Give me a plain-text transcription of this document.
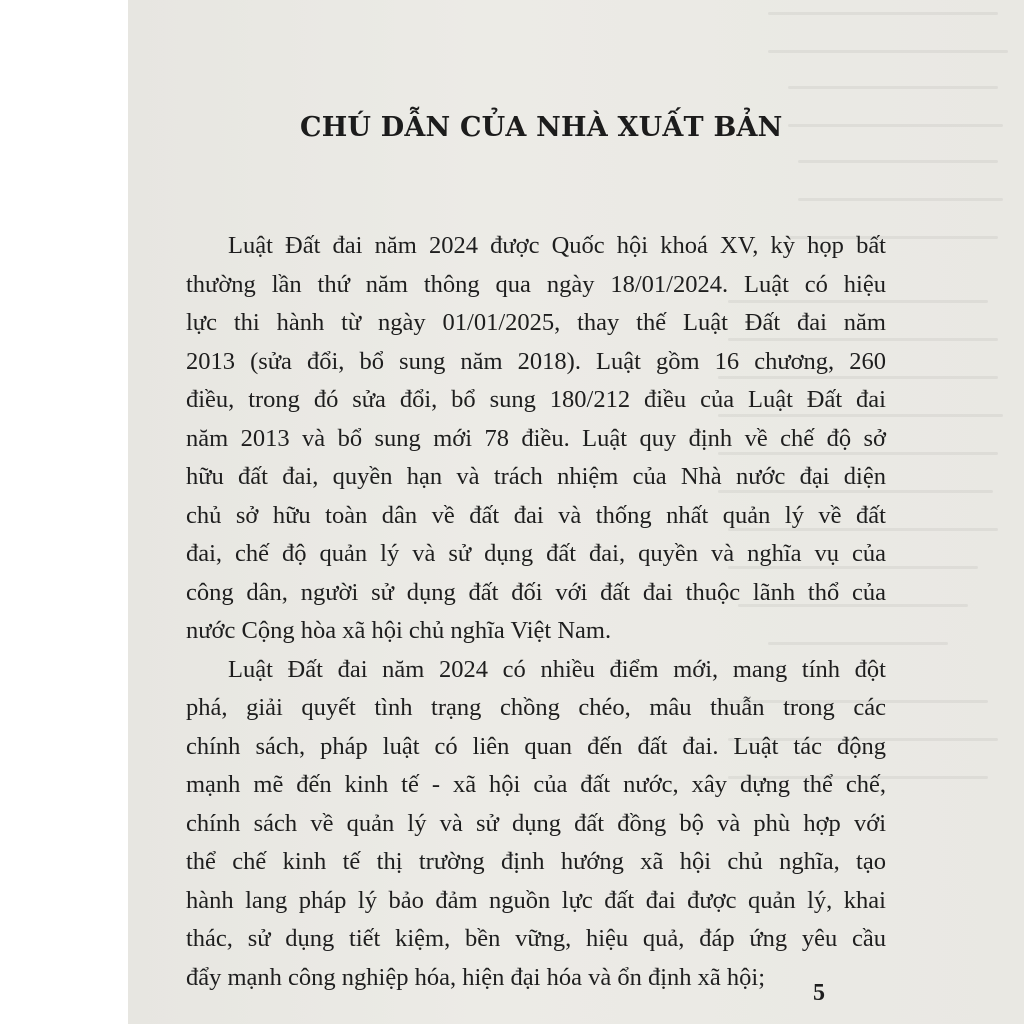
CHÚ DẪN CỦA NHÀ XUẤT BẢN
Luật Đất đai năm 2024 được Quốc hội khoá XV, kỳ họp bất
thường lần thứ năm thông qua ngày 18/01/2024. Luật có hiệu
lực thi hành từ ngày 01/01/2025, thay thế Luật Đất đai năm
2013 (sửa đổi, bổ sung năm 2018). Luật gồm 16 chương, 260
điều, trong đó sửa đổi, bổ sung 180/212 điều của Luật Đất đai
năm 2013 và bổ sung mới 78 điều. Luật quy định về chế độ sở
hữu đất đai, quyền hạn và trách nhiệm của Nhà nước đại diện
chủ sở hữu toàn dân về đất đai và thống nhất quản lý về đất
đai, chế độ quản lý và sử dụng đất đai, quyền và nghĩa vụ của
công dân, người sử dụng đất đối với đất đai thuộc lãnh thổ của
nước Cộng hòa xã hội chủ nghĩa Việt Nam.
Luật Đất đai năm 2024 có nhiều điểm mới, mang tính đột
phá, giải quyết tình trạng chồng chéo, mâu thuẫn trong các
chính sách, pháp luật có liên quan đến đất đai. Luật tác động
mạnh mẽ đến kinh tế - xã hội của đất nước, xây dựng thể chế,
chính sách về quản lý và sử dụng đất đồng bộ và phù hợp với
thể chế kinh tế thị trường định hướng xã hội chủ nghĩa, tạo
hành lang pháp lý bảo đảm nguồn lực đất đai được quản lý, khai
thác, sử dụng tiết kiệm, bền vững, hiệu quả, đáp ứng yêu cầu
đẩy mạnh công nghiệp hóa, hiện đại hóa và ổn định xã hội;
5
